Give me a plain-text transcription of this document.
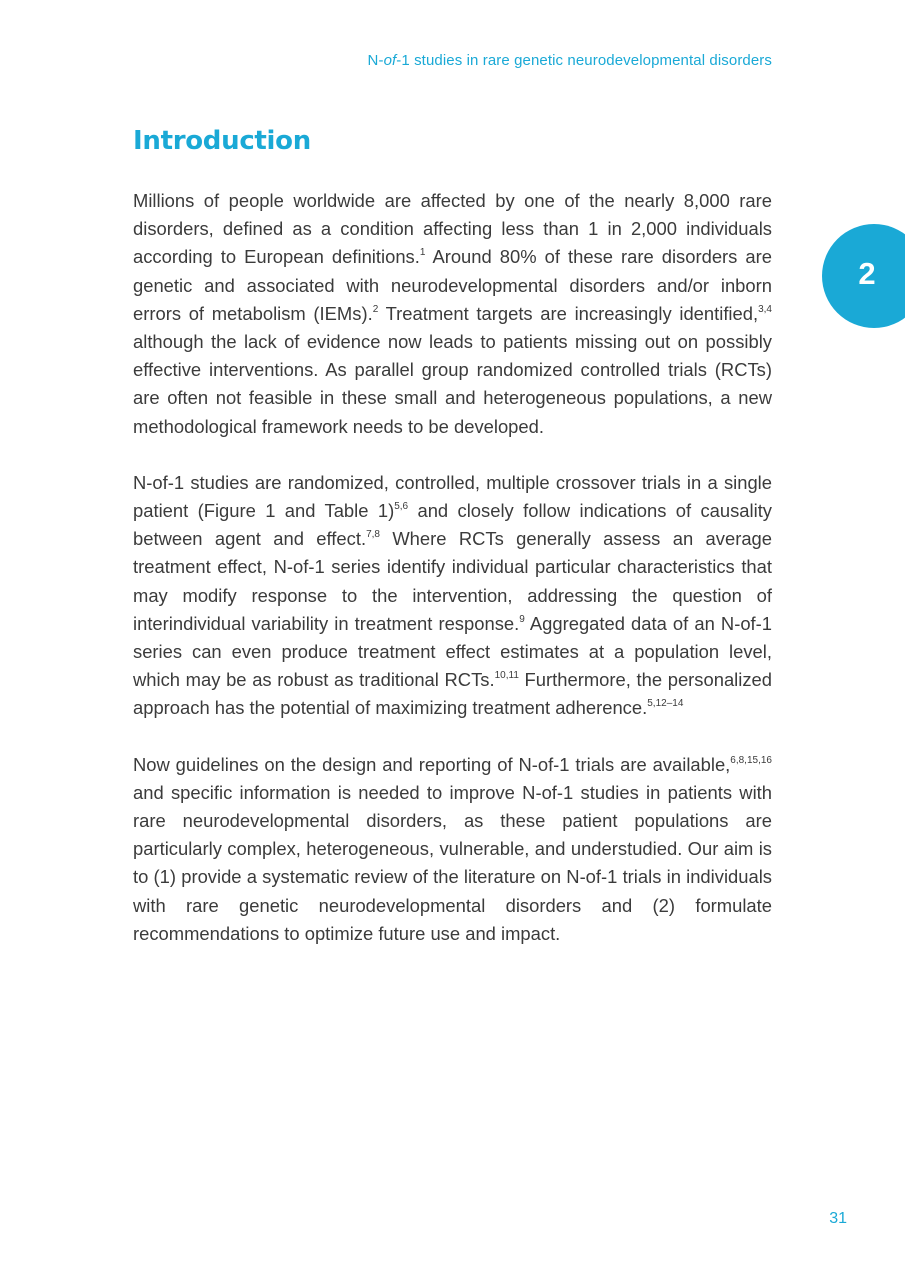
N-of-1 studies in rare genetic neurodevelopmental disorders
Introduction

Millions of people worldwide are affected by one of the nearly 8,000 rare disorders, defined as a condition affecting less than 1 in 2,000 individuals according to European definitions.$^1$ Around 80% of these rare disorders are genetic and associated with neurodevelopmental disorders and/or inborn errors of metabolism (IEMs).$^2$ Treatment targets are increasingly identified,$^{3,4}$ although the lack of evidence now leads to patients missing out on possibly effective interventions. As parallel group randomized controlled trials (RCTs) are often not feasible in these small and heterogeneous populations, a new methodological framework needs to be developed.

N-of-1 studies are randomized, controlled, multiple crossover trials in a single patient (Figure 1 and Table 1)$^{5,6}$ and closely follow indications of causality between agent and effect.$^{7,8}$ Where RCTs generally assess an average treatment effect, N-of-1 series identify individual particular characteristics that may modify response to the intervention, addressing the question of interindividual variability in treatment response.$^9$ Aggregated data of an N-of-1 series can even produce treatment effect estimates at a population level, which may be as robust as traditional RCTs.$^{10,11}$ Furthermore, the personalized approach has the potential of maximizing treatment adherence.$^{5,12-14}$

Now guidelines on the design and reporting of N-of-1 trials are available,$^{6,8,15,16}$ and specific information is needed to improve N-of-1 studies in patients with rare neurodevelopmental disorders, as these patient populations are particularly complex, heterogeneous, vulnerable, and understudied. Our aim is to (1) provide a systematic review of the literature on N-of-1 trials in individuals with rare genetic neurodevelopmental disorders and (2) formulate recommendations to optimize future use and impact.

2
31
